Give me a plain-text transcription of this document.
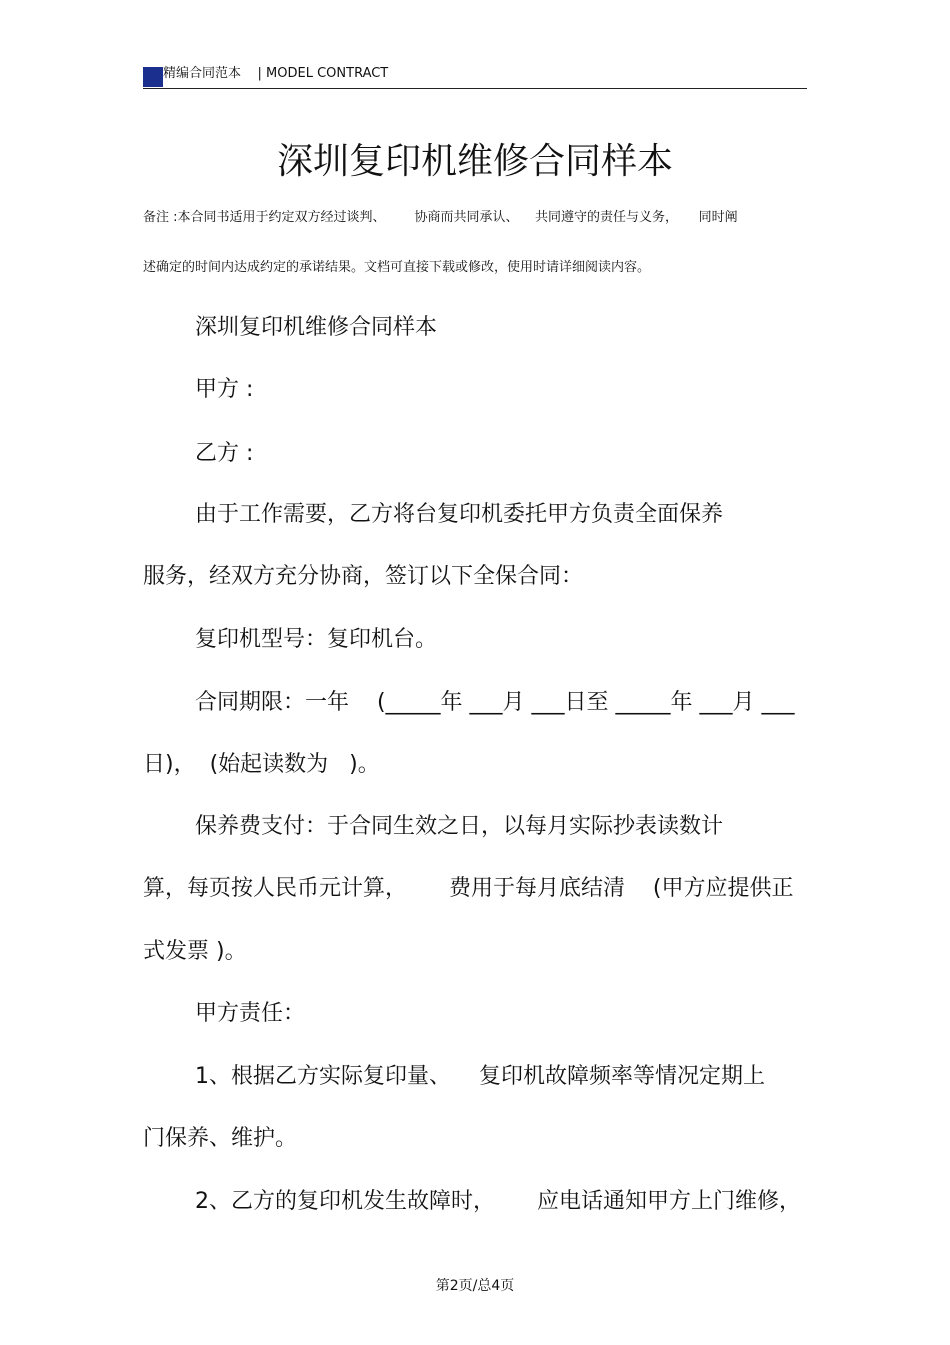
精编合同范本    | MODEL CONTRACT
深圳复印机维修合同样本
备注 :本合同书适用于约定双方经过谈判、       协商而共同承认、    共同遵守的责任与义务，     同时阐
述确定的时间内达成约定的承诺结果。文档可直接下载或修改，使用时请详细阅读内容。
深圳复印机维修合同样本
甲方 :
乙方 :
由于工作需要，乙方将台复印机委托甲方负责全面保养
服务，经双方充分协商，签订以下全保合同：
复印机型号：复印机台。
合同期限：一年    (_____年 ___月 ___日至 _____年 ___月 ___
日)，  (始起读数为   )。
保养费支付：于合同生效之日，以每月实际抄表读数计
算，每页按人民币元计算，      费用于每月底结清    (甲方应提供正
式发票 )。
甲方责任：
1、根据乙方实际复印量、    复印机故障频率等情况定期上
门保养、维护。
2、乙方的复印机发生故障时，      应电话通知甲方上门维修，
第2页/总4页
